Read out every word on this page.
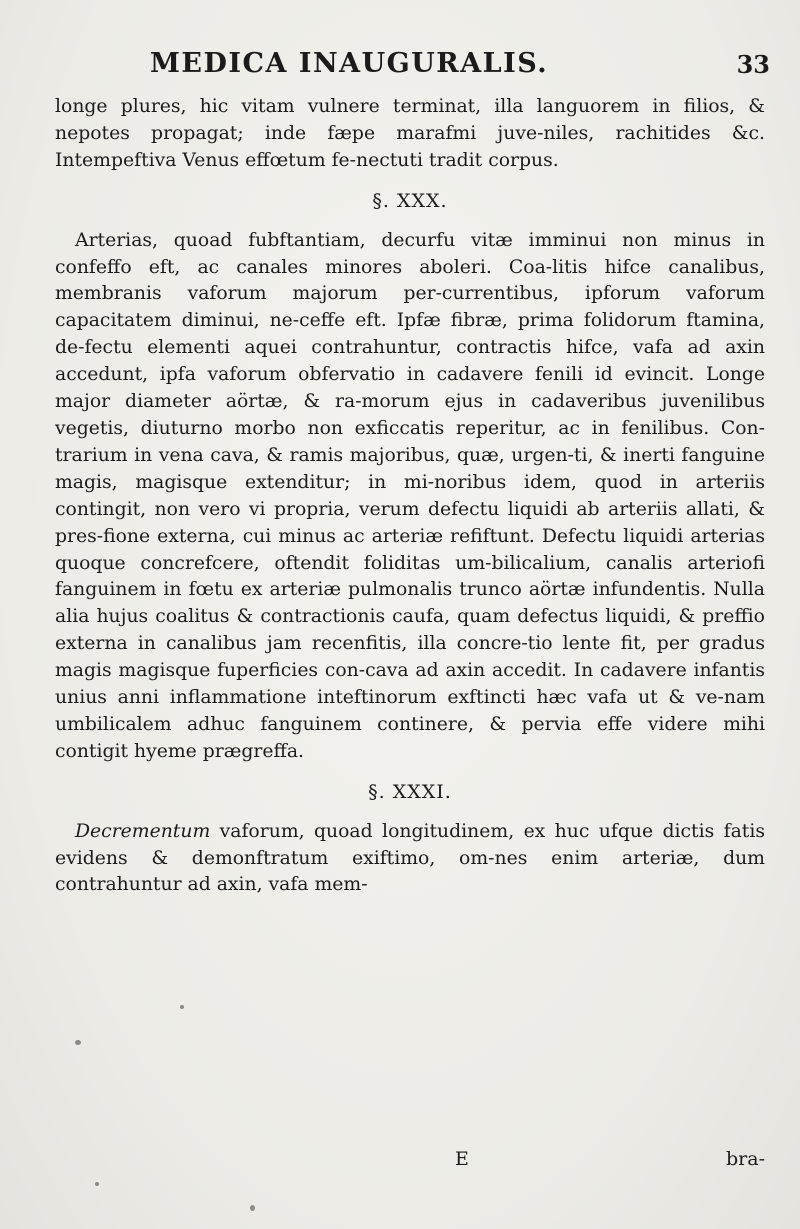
MEDICA INAUGURALIS.	33

longe plures, hic vitam vulnere terminat, illa languorem in filios, & nepotes propagat; inde fæpe marafmi juve-niles, rachitides &c. Intempeftiva Venus effœtum fe-nectuti tradit corpus.

§. XXX.

Arterias, quoad fubftantiam, decurfu vitæ imminui non minus in confeffo eft, ac canales minores aboleri. Coa-litis hifce canalibus, membranis vaforum majorum per-currentibus, ipforum vaforum capacitatem diminui, ne-ceffe eft. Ipfæ fibræ, prima folidorum ftamina, de-fectu elementi aquei contrahuntur, contractis hifce, vafa ad axin accedunt, ipfa vaforum obfervatio in cadavere fenili id evincit. Longe major diameter aörtæ, & ra-morum ejus in cadaveribus juvenilibus vegetis, diuturno morbo non exficcatis reperitur, ac in fenilibus. Con-trarium in vena cava, & ramis majoribus, quæ, urgen-ti, & inerti fanguine magis, magisque extenditur; in mi-noribus idem, quod in arteriis contingit, non vero vi propria, verum defectu liquidi ab arteriis allati, & pres-fione externa, cui minus ac arteriæ refiftunt. Defectu liquidi arterias quoque concrefcere, oftendit foliditas um-bilicalium, canalis arteriofi fanguinem in fœtu ex arteriæ pulmonalis trunco aörtæ infundentis. Nulla alia hujus coalitus & contractionis caufa, quam defectus liquidi, & preffio externa in canalibus jam recenfitis, illa concre-tio lente fit, per gradus magis magisque fuperficies con-cava ad axin accedit. In cadavere infantis unius anni inflammatione inteftinorum exftincti hæc vafa ut & ve-nam umbilicalem adhuc fanguinem continere, & pervia effe videre mihi contigit hyeme prægreffa.

§. XXXI.

Decrementum vaforum, quoad longitudinem, ex huc ufque dictis fatis evidens & demonftratum exiftimo, om-nes enim arteriæ, dum contrahuntur ad axin, vafa mem-

E	bra-
